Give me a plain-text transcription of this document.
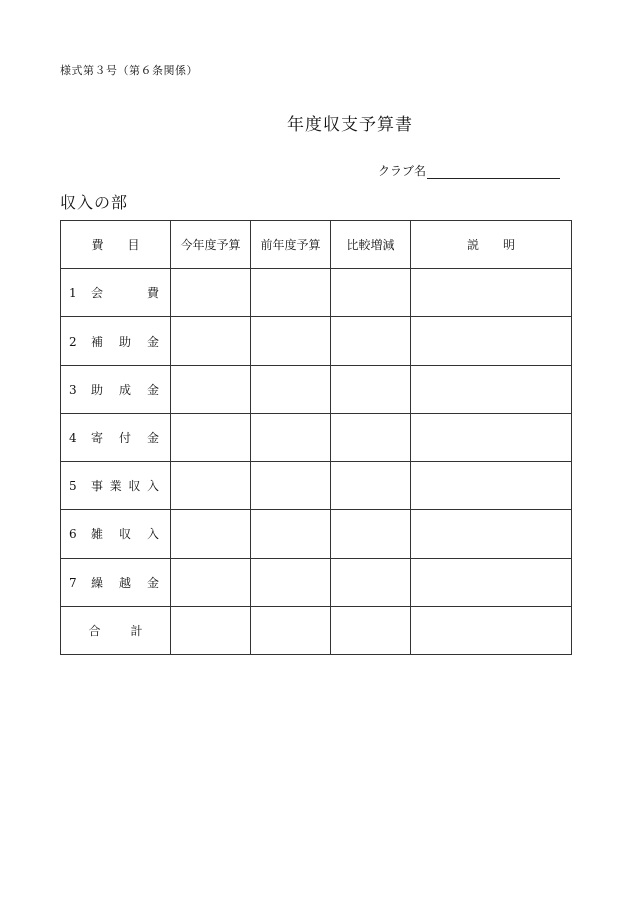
様式第３号（第６条関係）
年度収支予算書
クラブ名
収入の部
費　　目	今年度予算	前年度予算	比較増減	説　　明
1 会費				
2 補助金				
3 助成金				
4 寄付金				
5 事業収入				
6 雑収入				
7 繰越金				
合計				
